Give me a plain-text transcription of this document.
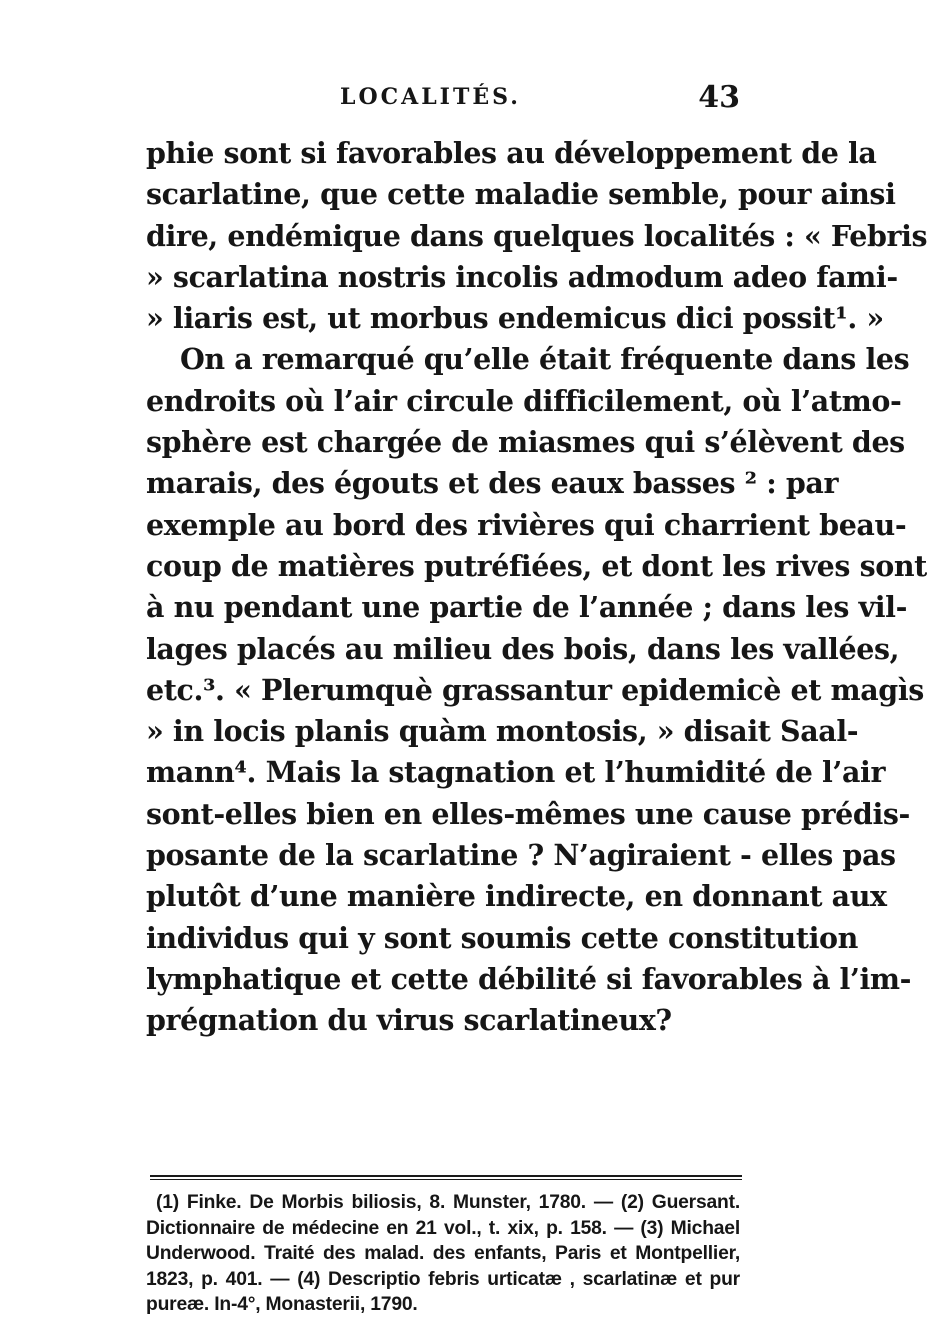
LOCALITÉS.	43
phie sont si favorables au développement de la
scarlatine, que cette maladie semble, pour ainsi
dire, endémique dans quelques localités : « Febris
» scarlatina nostris incolis admodum adeo fami-
» liaris est, ut morbus endemicus dici possit¹. »
On a remarqué qu’elle était fréquente dans les
endroits où l’air circule difficilement, où l’atmo-
sphère est chargée de miasmes qui s’élèvent des
marais, des égouts et des eaux basses ² : par
exemple au bord des rivières qui charrient beau-
coup de matières putréfiées, et dont les rives sont
à nu pendant une partie de l’année ; dans les vil-
lages placés au milieu des bois, dans les vallées,
etc.³. « Plerumquè grassantur epidemicè et magìs
» in locis planis quàm montosis, » disait Saal-
mann⁴. Mais la stagnation et l’humidité de l’air
sont-elles bien en elles-mêmes une cause prédis-
posante de la scarlatine ? N’agiraient - elles pas
plutôt d’une manière indirecte, en donnant aux
individus qui y sont soumis cette constitution
lymphatique et cette débilité si favorables à l’im-
prégnation du virus scarlatineux?
(1) Finke. De Morbis biliosis, 8. Munster, 1780. — (2) Guersant.
Dictionnaire de médecine en 21 vol., t. xix, p. 158. — (3) Michael
Underwood. Traité des malad. des enfants, Paris et Montpellier,
1823, p. 401. — (4) Descriptio febris urticatæ , scarlatinæ et pur
pureæ. In-4°, Monasterii, 1790.
